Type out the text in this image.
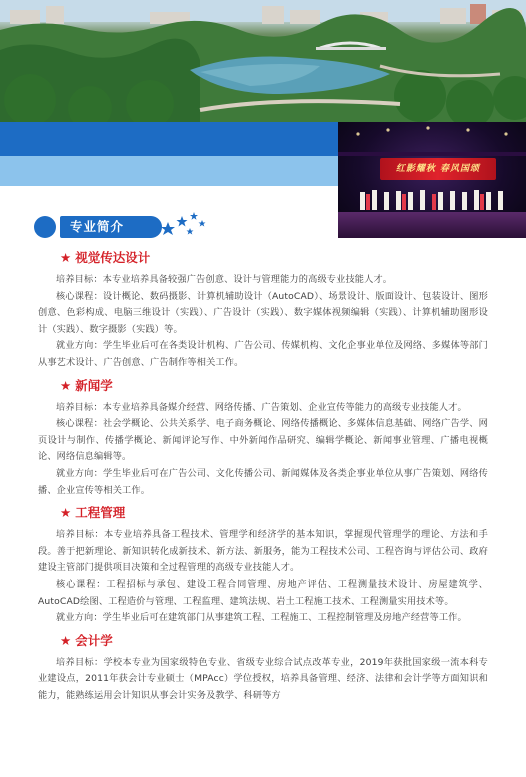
红影耀秋 春风国颂
专业简介
★ 视觉传达设计

培养目标：本专业培养具备较强广告创意、设计与管理能力的高级专业技能人才。

核心课程：设计概论、数码摄影、计算机辅助设计（AutoCAD）、场景设计、版面设计、包装设计、图形创意、色彩构成、电脑三维设计（实践）、广告设计（实践）、数字媒体视频编辑（实践）、计算机辅助图形设计（实践）、数字摄影（实践）等。

就业方向：学生毕业后可在各类设计机构、广告公司、传媒机构、文化企事业单位及网络、多媒体等部门从事艺术设计、广告创意、广告制作等相关工作。

★ 新闻学

培养目标：本专业培养具备媒介经营、网络传播、广告策划、企业宣传等能力的高级专业技能人才。

核心课程：社会学概论、公共关系学、电子商务概论、网络传播概论、多媒体信息基础、网络广告学、网页设计与制作、传播学概论、新闻评论写作、中外新闻作品研究、编辑学概论、新闻事业管理、广播电视概论、网络信息编辑等。

就业方向：学生毕业后可在广告公司、文化传播公司、新闻媒体及各类企事业单位从事广告策划、网络传播、企业宣传等相关工作。

★ 工程管理

培养目标：本专业培养具备工程技术、管理学和经济学的基本知识，掌握现代管理学的理论、方法和手段。善于把新理论、新知识转化成新技术、新方法、新服务，能为工程技术公司、工程咨询与评估公司、政府建设主管部门提供项目决策和全过程管理的高级专业技能人才。

核心课程：工程招标与承包、建设工程合同管理、房地产评估、工程测量技术设计、房屋建筑学、AutoCAD绘图、工程造价与管理、工程监理、建筑法规、岩土工程施工技术、工程测量实用技术等。

就业方向：学生毕业后可在建筑部门从事建筑工程、工程施工、工程控制管理及房地产经营等工作。

★ 会计学

培养目标：学校本专业为国家级特色专业、省级专业综合试点改革专业，2019年获批国家级一流本科专业建设点，2011年获会计专业硕士（MPAcc）学位授权，培养具备管理、经济、法律和会计学等方面知识和能力，能熟练运用会计知识从事会计实务及教学、科研等方
